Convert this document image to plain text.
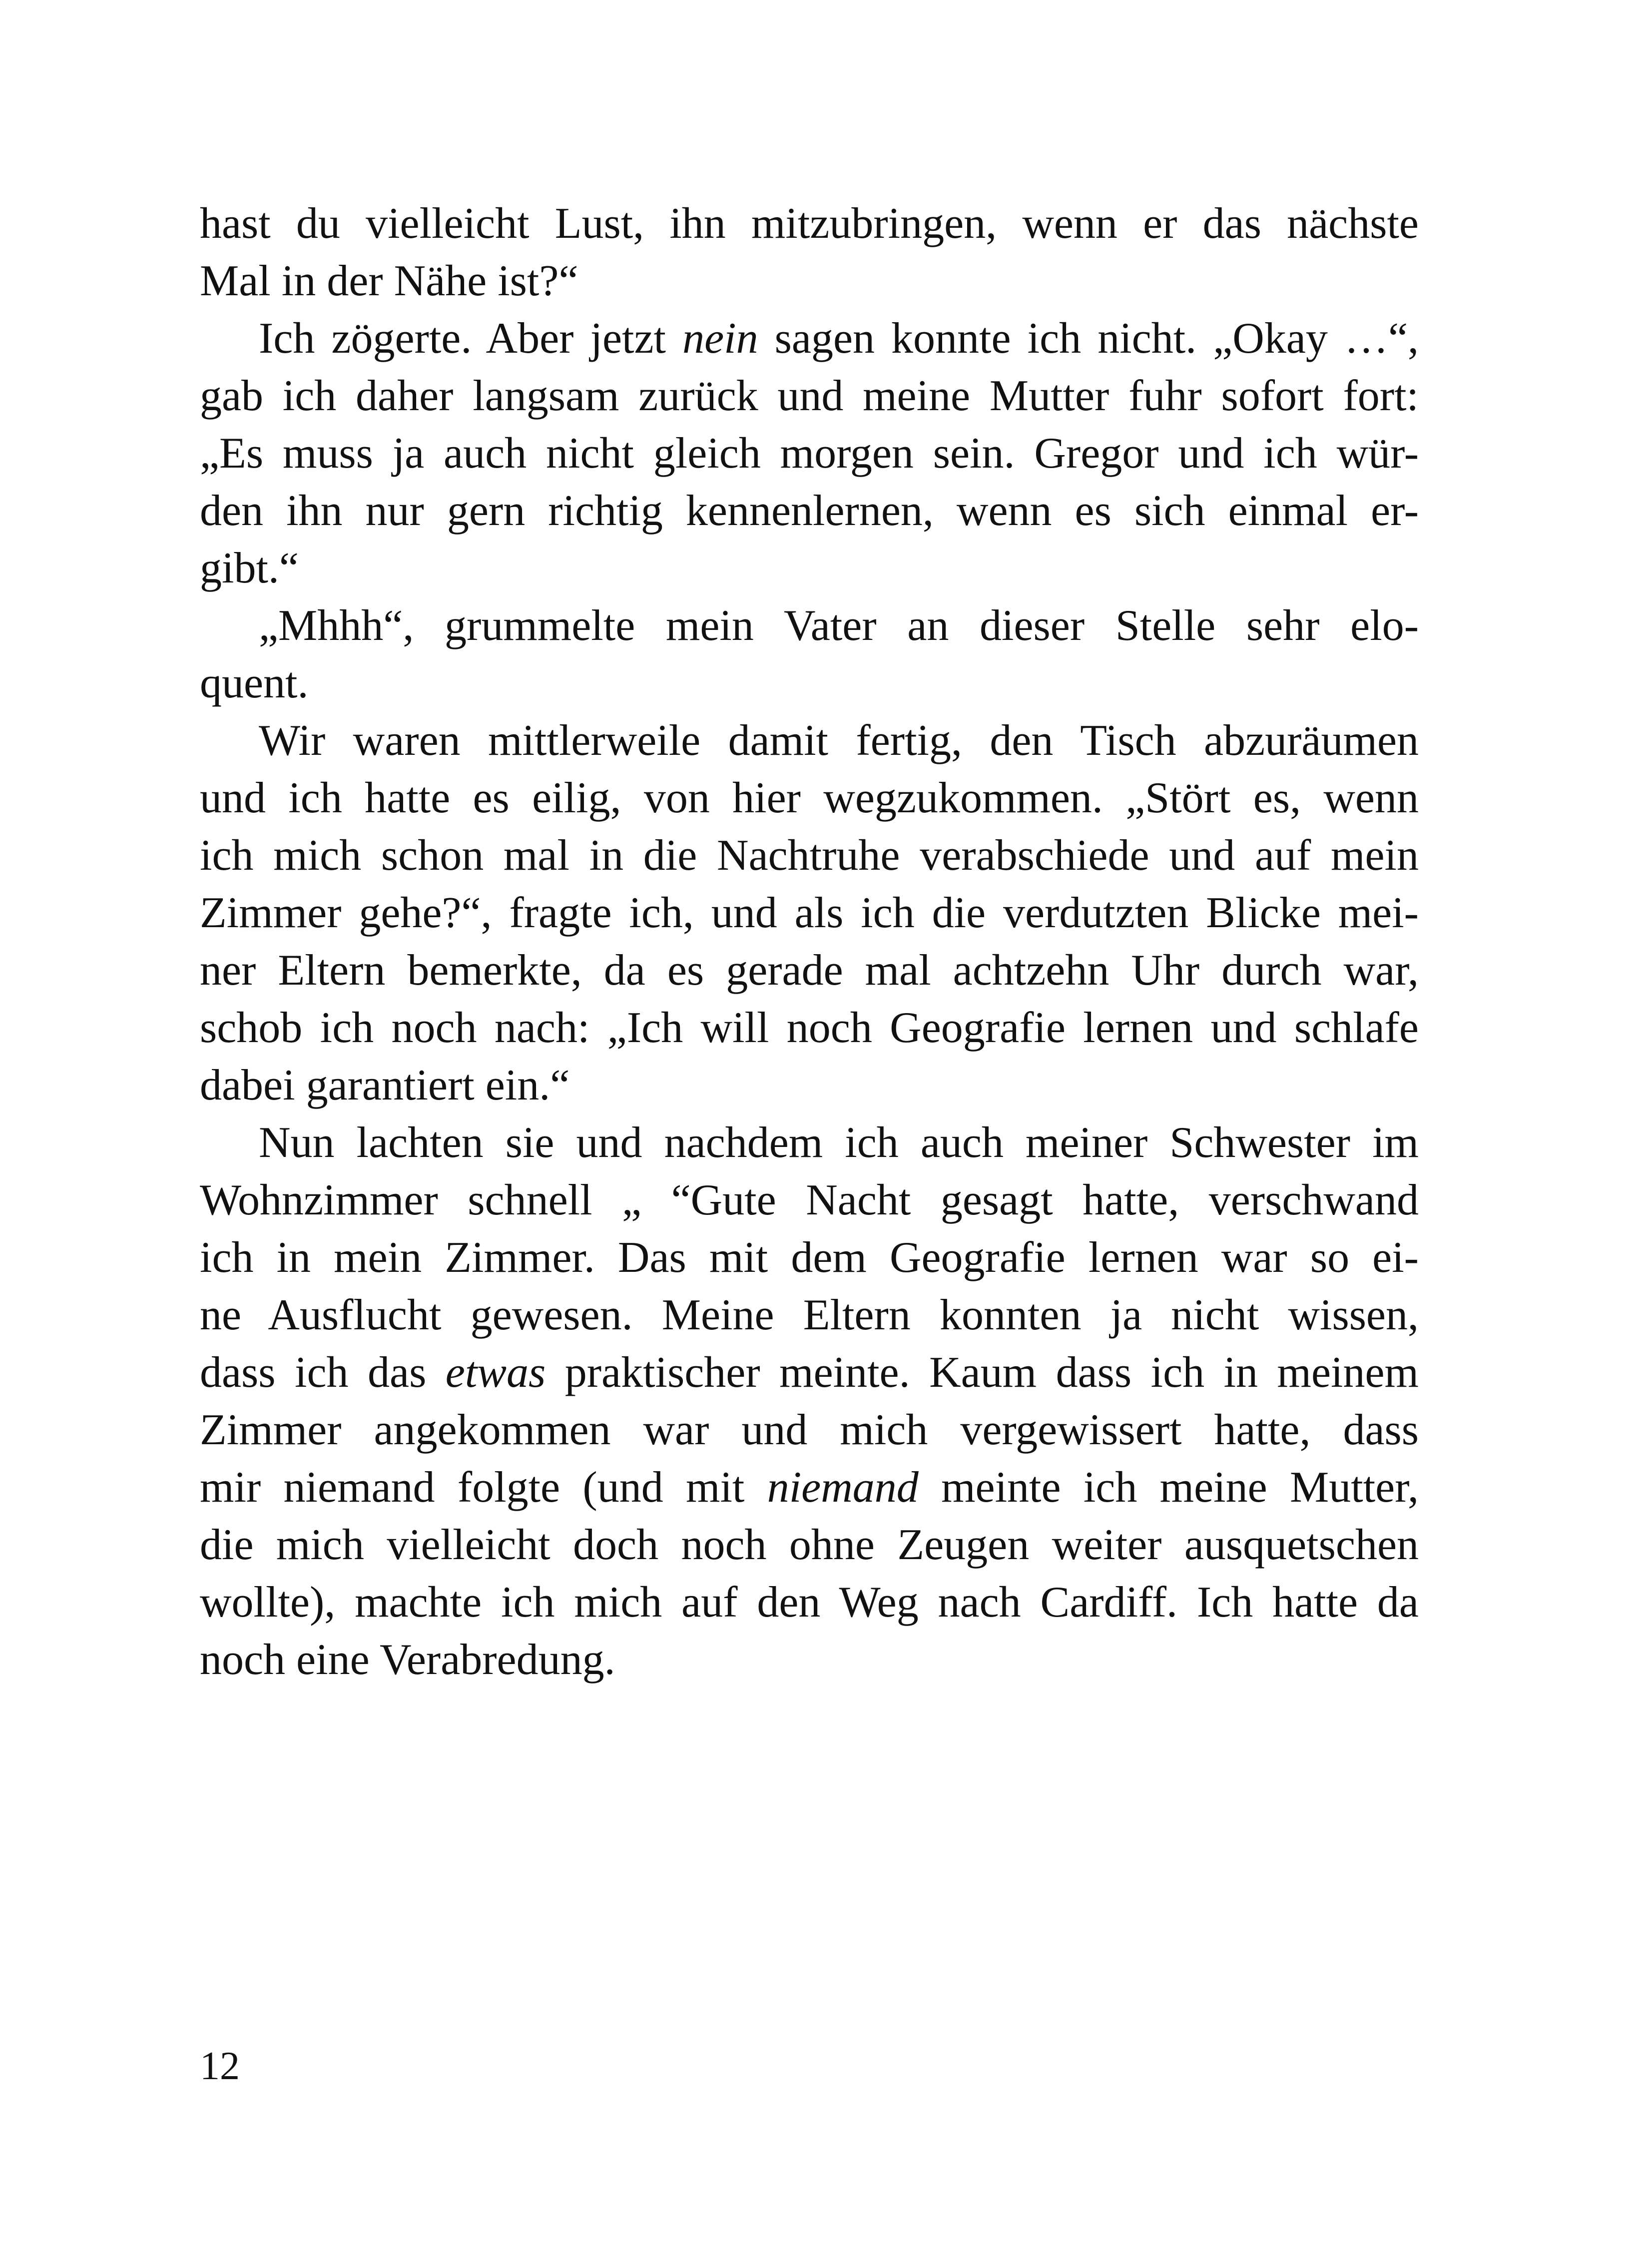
hast du vielleicht Lust, ihn mitzubringen, wenn er das nächste
Mal in der Nähe ist?“
Ich zögerte. Aber jetzt nein sagen konnte ich nicht. „Okay …“,
gab ich daher langsam zurück und meine Mutter fuhr sofort fort:
„Es muss ja auch nicht gleich morgen sein. Gregor und ich wür-
den ihn nur gern richtig kennenlernen, wenn es sich einmal er-
gibt.“
„Mhhh“, grummelte mein Vater an dieser Stelle sehr elo-
quent.
Wir waren mittlerweile damit fertig, den Tisch abzuräumen
und ich hatte es eilig, von hier wegzukommen. „Stört es, wenn
ich mich schon mal in die Nachtruhe verabschiede und auf mein
Zimmer gehe?“, fragte ich, und als ich die verdutzten Blicke mei-
ner Eltern bemerkte, da es gerade mal achtzehn Uhr durch war,
schob ich noch nach: „Ich will noch Geografie lernen und schlafe
dabei garantiert ein.“
Nun lachten sie und nachdem ich auch meiner Schwester im
Wohnzimmer schnell „ “Gute Nacht gesagt hatte, verschwand
ich in mein Zimmer. Das mit dem Geografie lernen war so ei-
ne Ausflucht gewesen. Meine Eltern konnten ja nicht wissen,
dass ich das etwas praktischer meinte. Kaum dass ich in meinem
Zimmer angekommen war und mich vergewissert hatte, dass
mir niemand folgte (und mit niemand meinte ich meine Mutter,
die mich vielleicht doch noch ohne Zeugen weiter ausquetschen
wollte), machte ich mich auf den Weg nach Cardiff. Ich hatte da
noch eine Verabredung.
12
